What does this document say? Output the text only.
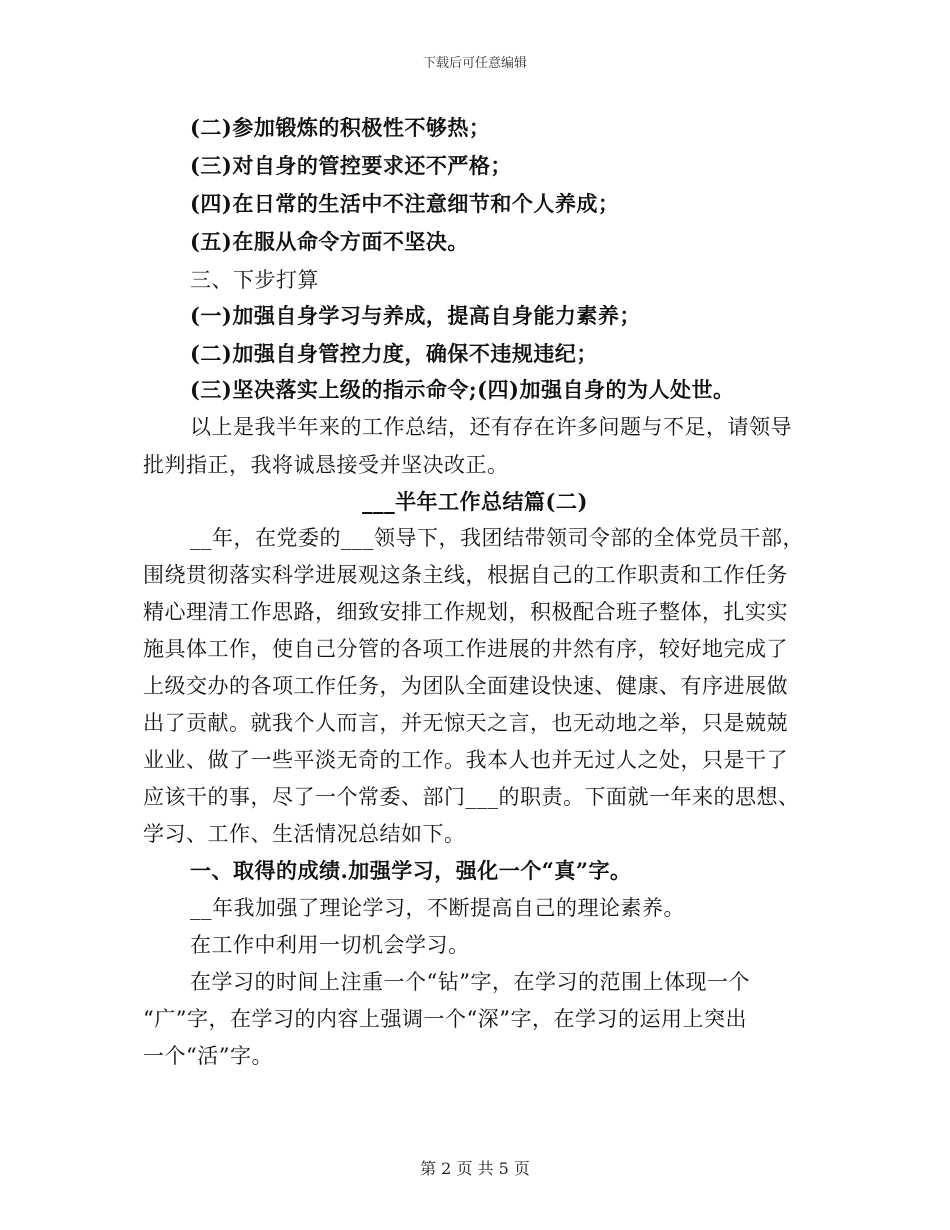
下载后可任意编辑
(二)参加锻炼的积极性不够热；
(三)对自身的管控要求还不严格；
(四)在日常的生活中不注意细节和个人养成；
(五)在服从命令方面不坚决。
三、下步打算
(一)加强自身学习与养成，提高自身能力素养；
(二)加强自身管控力度，确保不违规违纪；
(三)坚决落实上级的指示命令;(四)加强自身的为人处世。
以上是我半年来的工作总结，还有存在许多问题与不足，请领导
批判指正，我将诚恳接受并坚决改正。
___半年工作总结篇(二)
__年，在党委的___领导下，我团结带领司令部的全体党员干部，
围绕贯彻落实科学进展观这条主线，根据自己的工作职责和工作任务
精心理清工作思路，细致安排工作规划，积极配合班子整体，扎实实
施具体工作，使自己分管的各项工作进展的井然有序，较好地完成了
上级交办的各项工作任务，为团队全面建设快速、健康、有序进展做
出了贡献。就我个人而言，并无惊天之言，也无动地之举，只是兢兢
业业、做了一些平淡无奇的工作。我本人也并无过人之处，只是干了
应该干的事，尽了一个常委、部门___的职责。下面就一年来的思想、
学习、工作、生活情况总结如下。
一、取得的成绩.加强学习，强化一个“真”字。
__年我加强了理论学习，不断提高自己的理论素养。
在工作中利用一切机会学习。
在学习的时间上注重一个“钻”字，在学习的范围上体现一个
“广”字，在学习的内容上强调一个“深”字，在学习的运用上突出
一个“活”字。
第 2 页 共 5 页
